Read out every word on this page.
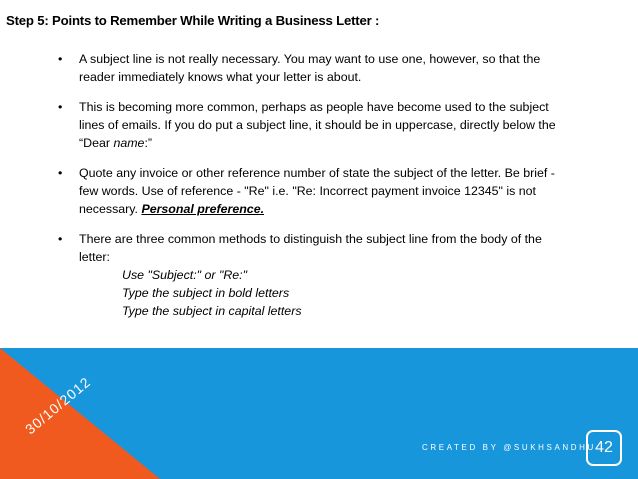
Step 5: Points to Remember While Writing a Business Letter :
• A subject line is not really necessary. You may want to use one, however, so that the reader immediately knows what your letter is about.
• This is becoming more common, perhaps as people have become used to the subject lines of emails. If you do put a subject line, it should be in uppercase, directly below the “Dear name:”
• Quote any invoice or other reference number of state the subject of the letter. Be brief - few words. Use of reference - "Re" i.e. "Re: Incorrect payment invoice 12345" is not necessary. Personal preference.
• There are three common methods to distinguish the subject line from the body of the letter:
Use "Subject:" or "Re:"
Type the subject in bold letters
Type the subject in capital letters
30/10/2012
CREATED BY @SUKHSANDHU 42
